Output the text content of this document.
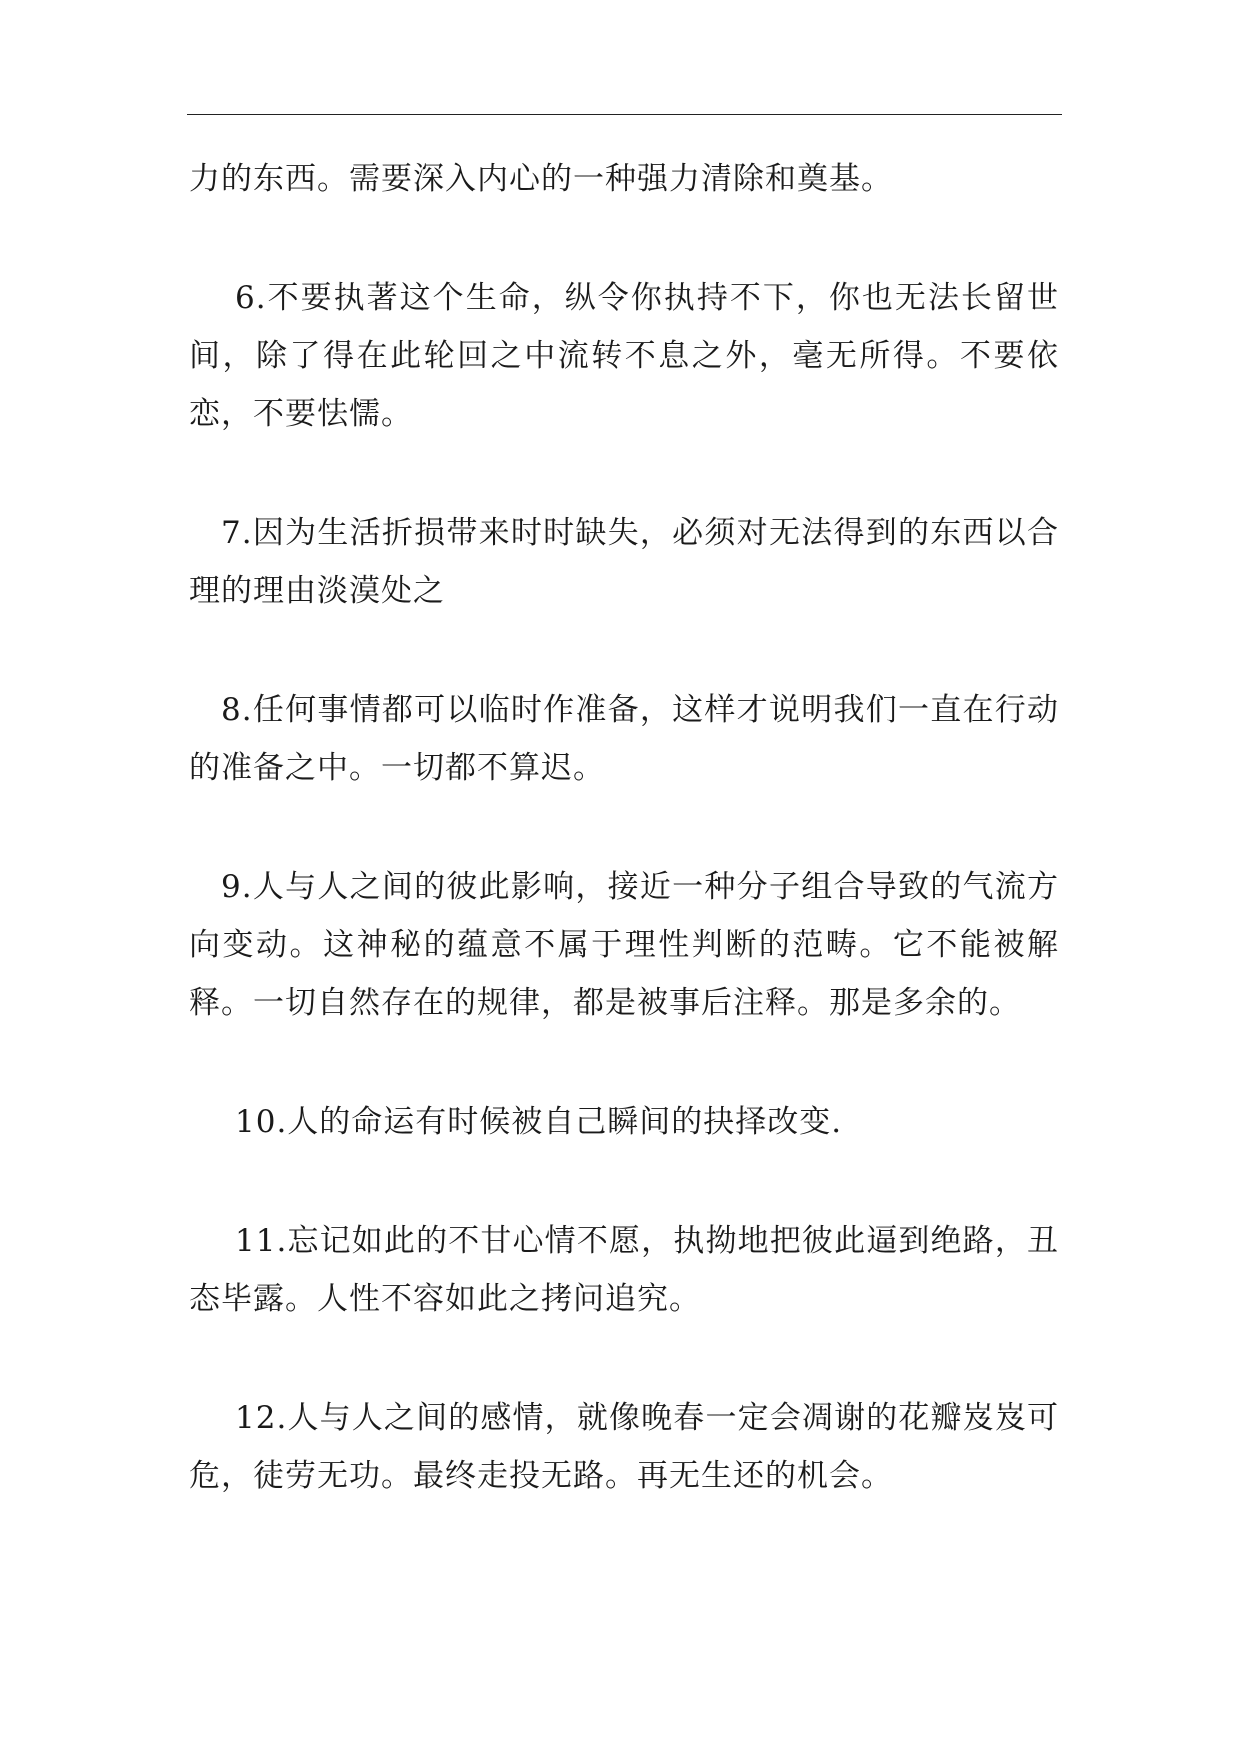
力的东西。需要深入内心的一种强力清除和奠基。

6.不要执著这个生命，纵令你执持不下，你也无法长留世间，除了得在此轮回之中流转不息之外，毫无所得。不要依恋，不要怯懦。

7.因为生活折损带来时时缺失，必须对无法得到的东西以合理的理由淡漠处之

8.任何事情都可以临时作准备，这样才说明我们一直在行动的准备之中。一切都不算迟。

9.人与人之间的彼此影响，接近一种分子组合导致的气流方向变动。这神秘的蕴意不属于理性判断的范畴。它不能被解释。一切自然存在的规律，都是被事后注释。那是多余的。

10.人的命运有时候被自己瞬间的抉择改变.

11.忘记如此的不甘心情不愿，执拗地把彼此逼到绝路，丑态毕露。人性不容如此之拷问追究。

12.人与人之间的感情，就像晚春一定会凋谢的花瓣岌岌可危，徒劳无功。最终走投无路。再无生还的机会。
